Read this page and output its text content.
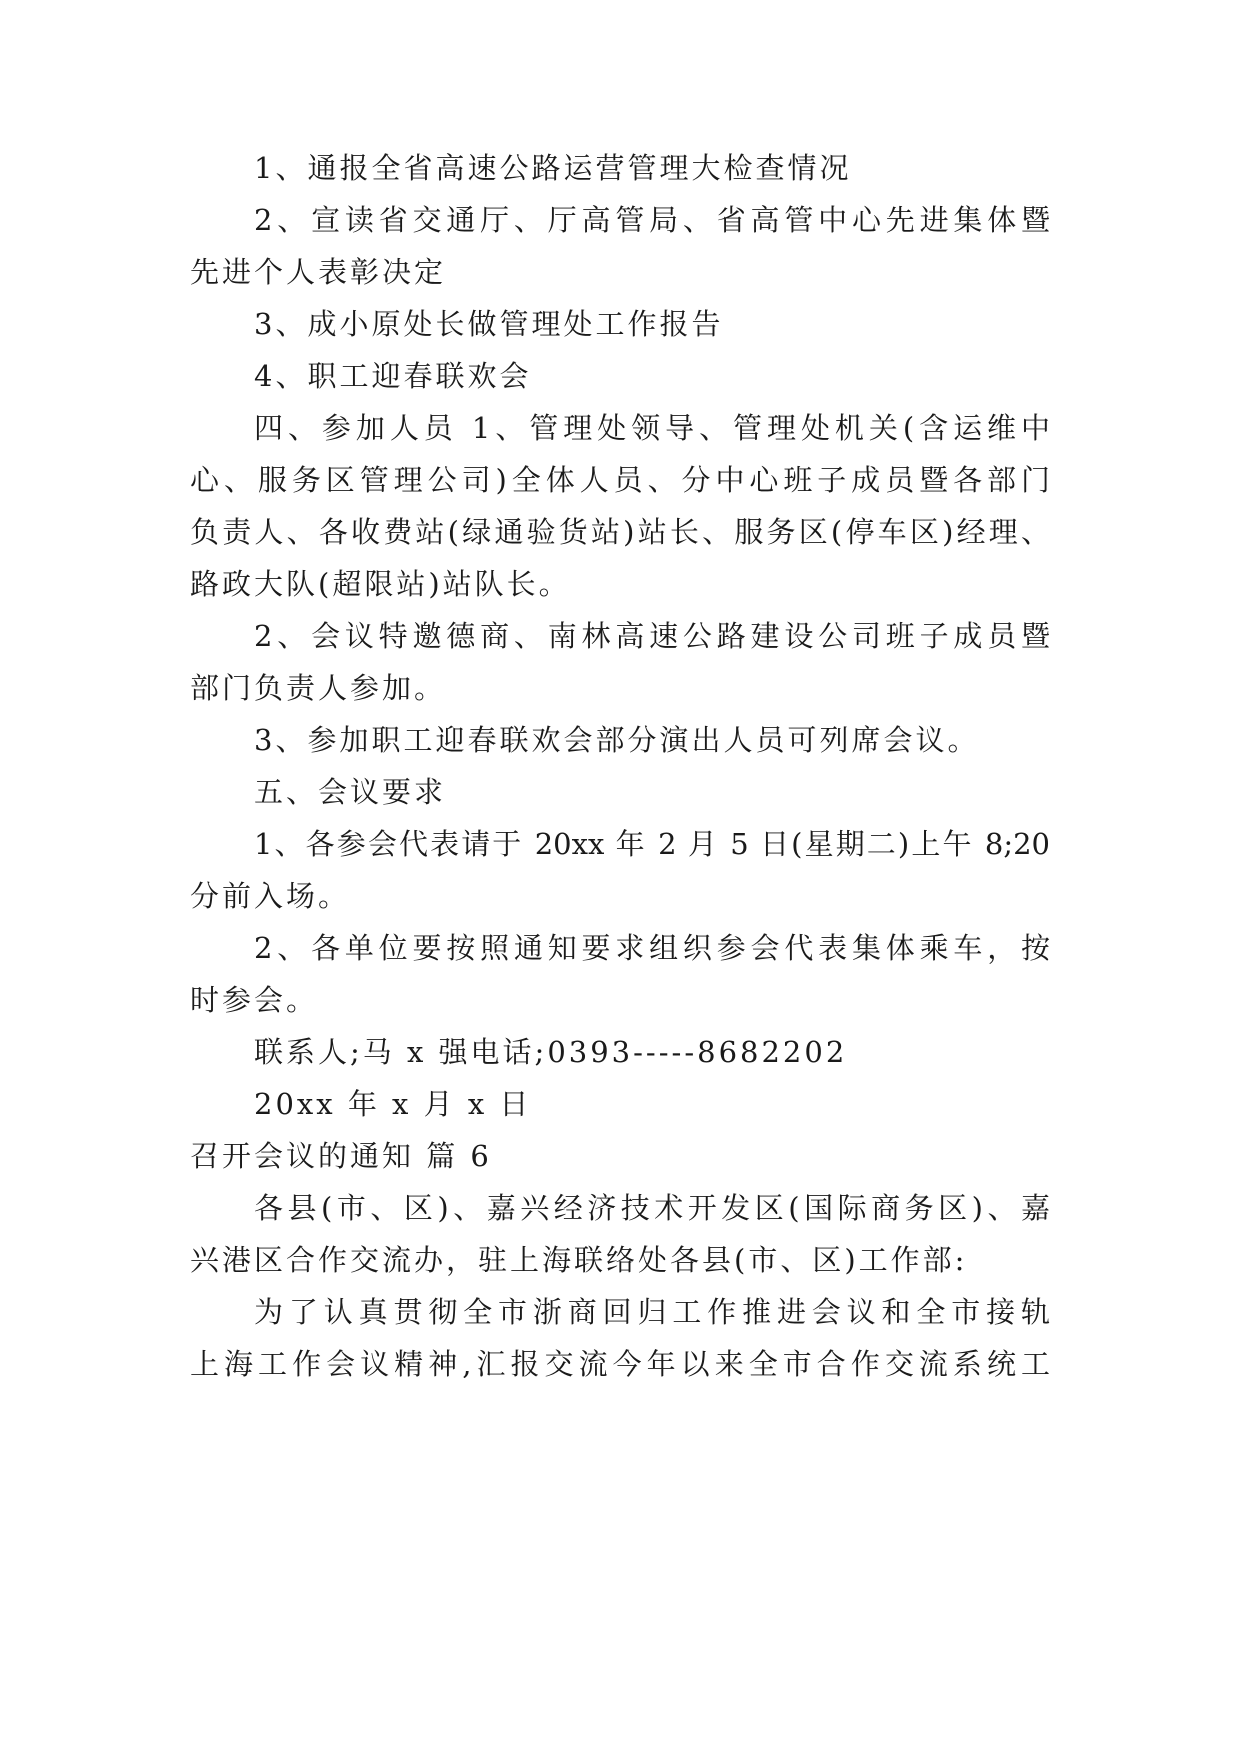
1、通报全省高速公路运营管理大检查情况
2、宣读省交通厅、厅高管局、省高管中心先进集体暨
先进个人表彰决定
3、成小原处长做管理处工作报告
4、职工迎春联欢会
四、参加人员 1、管理处领导、管理处机关(含运维中
心、服务区管理公司)全体人员、分中心班子成员暨各部门
负责人、各收费站(绿通验货站)站长、服务区(停车区)经理、
路政大队(超限站)站队长。
2、会议特邀德商、南林高速公路建设公司班子成员暨
部门负责人参加。
3、参加职工迎春联欢会部分演出人员可列席会议。
五、会议要求
1、各参会代表请于 20xx 年 2 月 5 日(星期二)上午 8;20
分前入场。
2、各单位要按照通知要求组织参会代表集体乘车，按
时参会。
联系人;马 x 强电话;0393-----8682202
20xx 年 x 月 x 日
召开会议的通知 篇 6
各县(市、区)、嘉兴经济技术开发区(国际商务区)、嘉
兴港区合作交流办，驻上海联络处各县(市、区)工作部:
为了认真贯彻全市浙商回归工作推进会议和全市接轨
上海工作会议精神,汇报交流今年以来全市合作交流系统工
